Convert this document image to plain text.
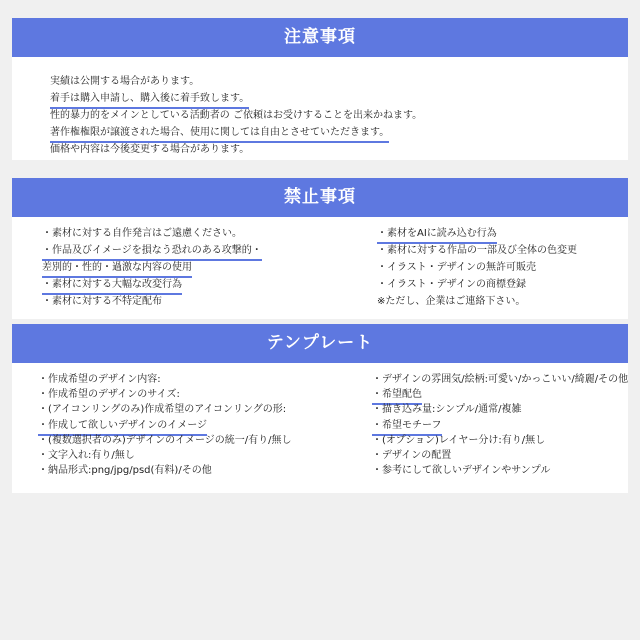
注意事項
実績は公開する場合があります。
着手は購入申請し、購入後に着手致します。
性的暴力的をメインとしている活動者の ご依頼はお受けすることを出来かねます。
著作権権限が譲渡された場合、使用に関しては自由とさせていただきます。
価格や内容は今後変更する場合があります。
禁止事項
・素材に対する自作発言はご遠慮ください。
・作品及びイメージを損なう恐れのある攻撃的・
差別的・性的・過激な内容の使用
・素材に対する大幅な改変行為
・素材に対する不特定配布
・素材をAIに読み込む行為
・素材に対する作品の一部及び全体の色変更
・イラスト・デザインの無許可販売
・イラスト・デザインの商標登録
※ただし、企業はご連絡下さい。
テンプレート
・作成希望のデザイン内容:
・作成希望のデザインのサイズ:
・(アイコンリングのみ)作成希望のアイコンリングの形:
・作成して欲しいデザインのイメージ
・(複数選択者のみ)デザインのイメージの統一/有り/無し
・文字入れ:有り/無し
・納品形式:png/jpg/psd(有料)/その他
・デザインの雰囲気/絵柄:可愛い/かっこいい/綺麗/その他
・希望配色
・描き込み量:シンプル/通常/複雑
・希望モチーフ
・(オプション)レイヤー分け:有り/無し
・デザインの配置
・参考にして欲しいデザインやサンプル
